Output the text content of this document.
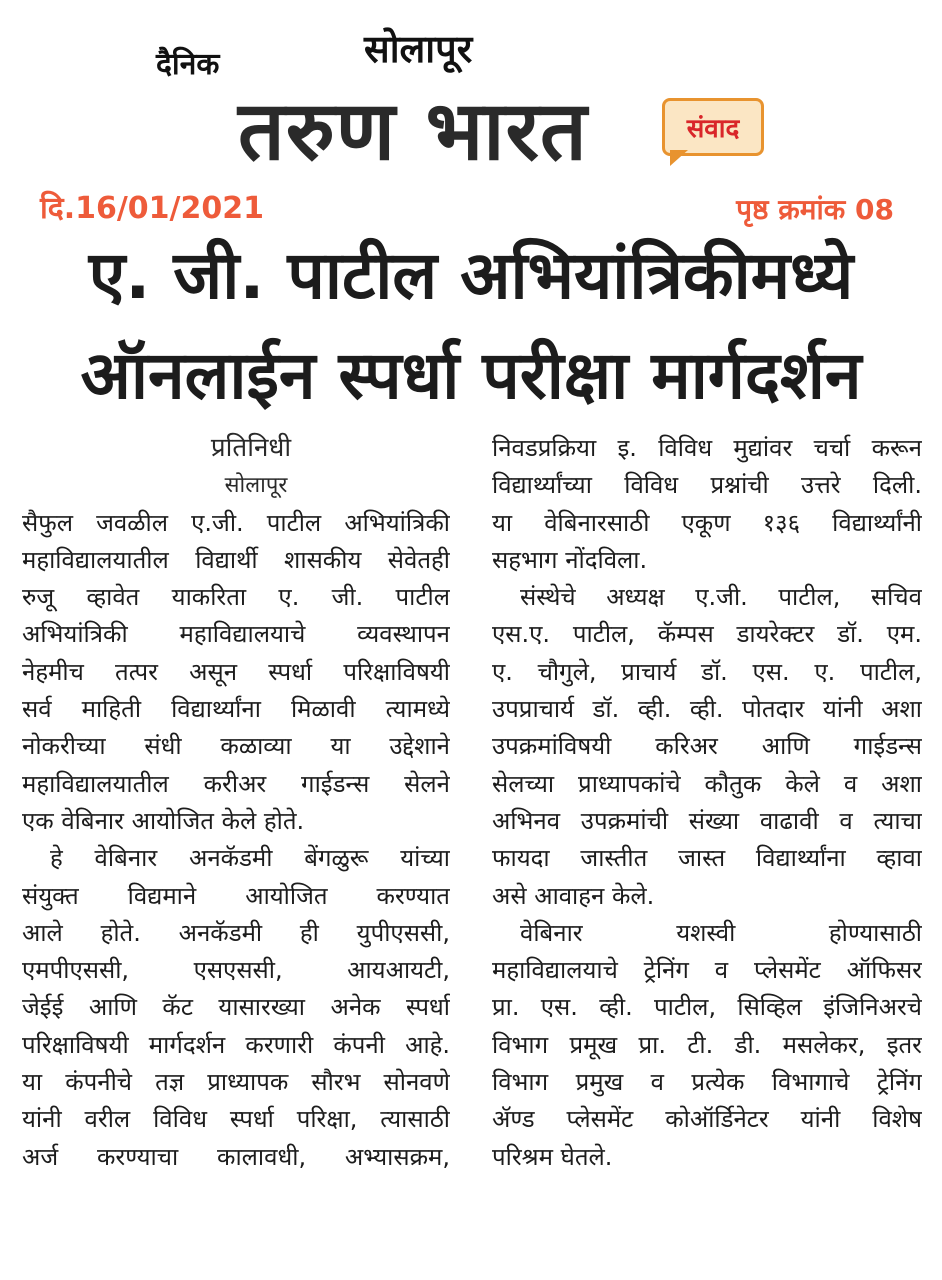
दैनिक	सोलापूर
तरुण भारत	संवाद
दि.16/01/2021	पृष्ठ क्रमांक 08
ए. जी. पाटील अभियांत्रिकीमध्ये
ऑनलाईन स्पर्धा परीक्षा मार्गदर्शन
प्रतिनिधी
सोलापूर
सैफुल जवळील ए.जी. पाटील अभियांत्रिकी
महाविद्यालयातील विद्यार्थी शासकीय सेवेतही
रुजू व्हावेत याकरिता ए. जी. पाटील
अभियांत्रिकी महाविद्यालयाचे व्यवस्थापन
नेहमीच तत्पर असून स्पर्धा परिक्षाविषयी
सर्व माहिती विद्यार्थ्यांना मिळावी त्यामध्ये
नोकरीच्या संधी कळाव्या या उद्देशाने
महाविद्यालयातील करीअर गाईडन्स सेलने
एक वेबिनार आयोजित केले होते.
हे वेबिनार अनकॅडमी बेंगळुरू यांच्या
संयुक्त विद्यमाने आयोजित करण्यात
आले होते. अनकॅडमी ही युपीएससी,
एमपीएससी, एसएससी, आयआयटी,
जेईई आणि कॅट यासारख्या अनेक स्पर्धा
परिक्षाविषयी मार्गदर्शन करणारी कंपनी आहे.
या कंपनीचे तज्ञ प्राध्यापक सौरभ सोनवणे
यांनी वरील विविध स्पर्धा परिक्षा, त्यासाठी
अर्ज करण्याचा कालावधी, अभ्यासक्रम,
निवडप्रक्रिया इ. विविध मुद्यांवर चर्चा करून
विद्यार्थ्यांच्या विविध प्रश्नांची उत्तरे दिली.
या वेबिनारसाठी एकूण १३६ विद्यार्थ्यांनी
सहभाग नोंदविला.
संस्थेचे अध्यक्ष ए.जी. पाटील, सचिव
एस.ए. पाटील, कॅम्पस डायरेक्टर डॉ. एम.
ए. चौगुले, प्राचार्य डॉ. एस. ए. पाटील,
उपप्राचार्य डॉ. व्ही. व्ही. पोतदार यांनी अशा
उपक्रमांविषयी करिअर आणि गाईडन्स
सेलच्या प्राध्यापकांचे कौतुक केले व अशा
अभिनव उपक्रमांची संख्या वाढावी व त्याचा
फायदा जास्तीत जास्त विद्यार्थ्यांना व्हावा
असे आवाहन केले.
वेबिनार यशस्वी होण्यासाठी
महाविद्यालयाचे ट्रेनिंग व प्लेसमेंट ऑफिसर
प्रा. एस. व्ही. पाटील, सिव्हिल इंजिनिअरचे
विभाग प्रमूख प्रा. टी. डी. मसलेकर, इतर
विभाग प्रमुख व प्रत्येक विभागाचे ट्रेनिंग
ॲण्ड प्लेसमेंट कोऑर्डिनेटर यांनी विशेष
परिश्रम घेतले.
